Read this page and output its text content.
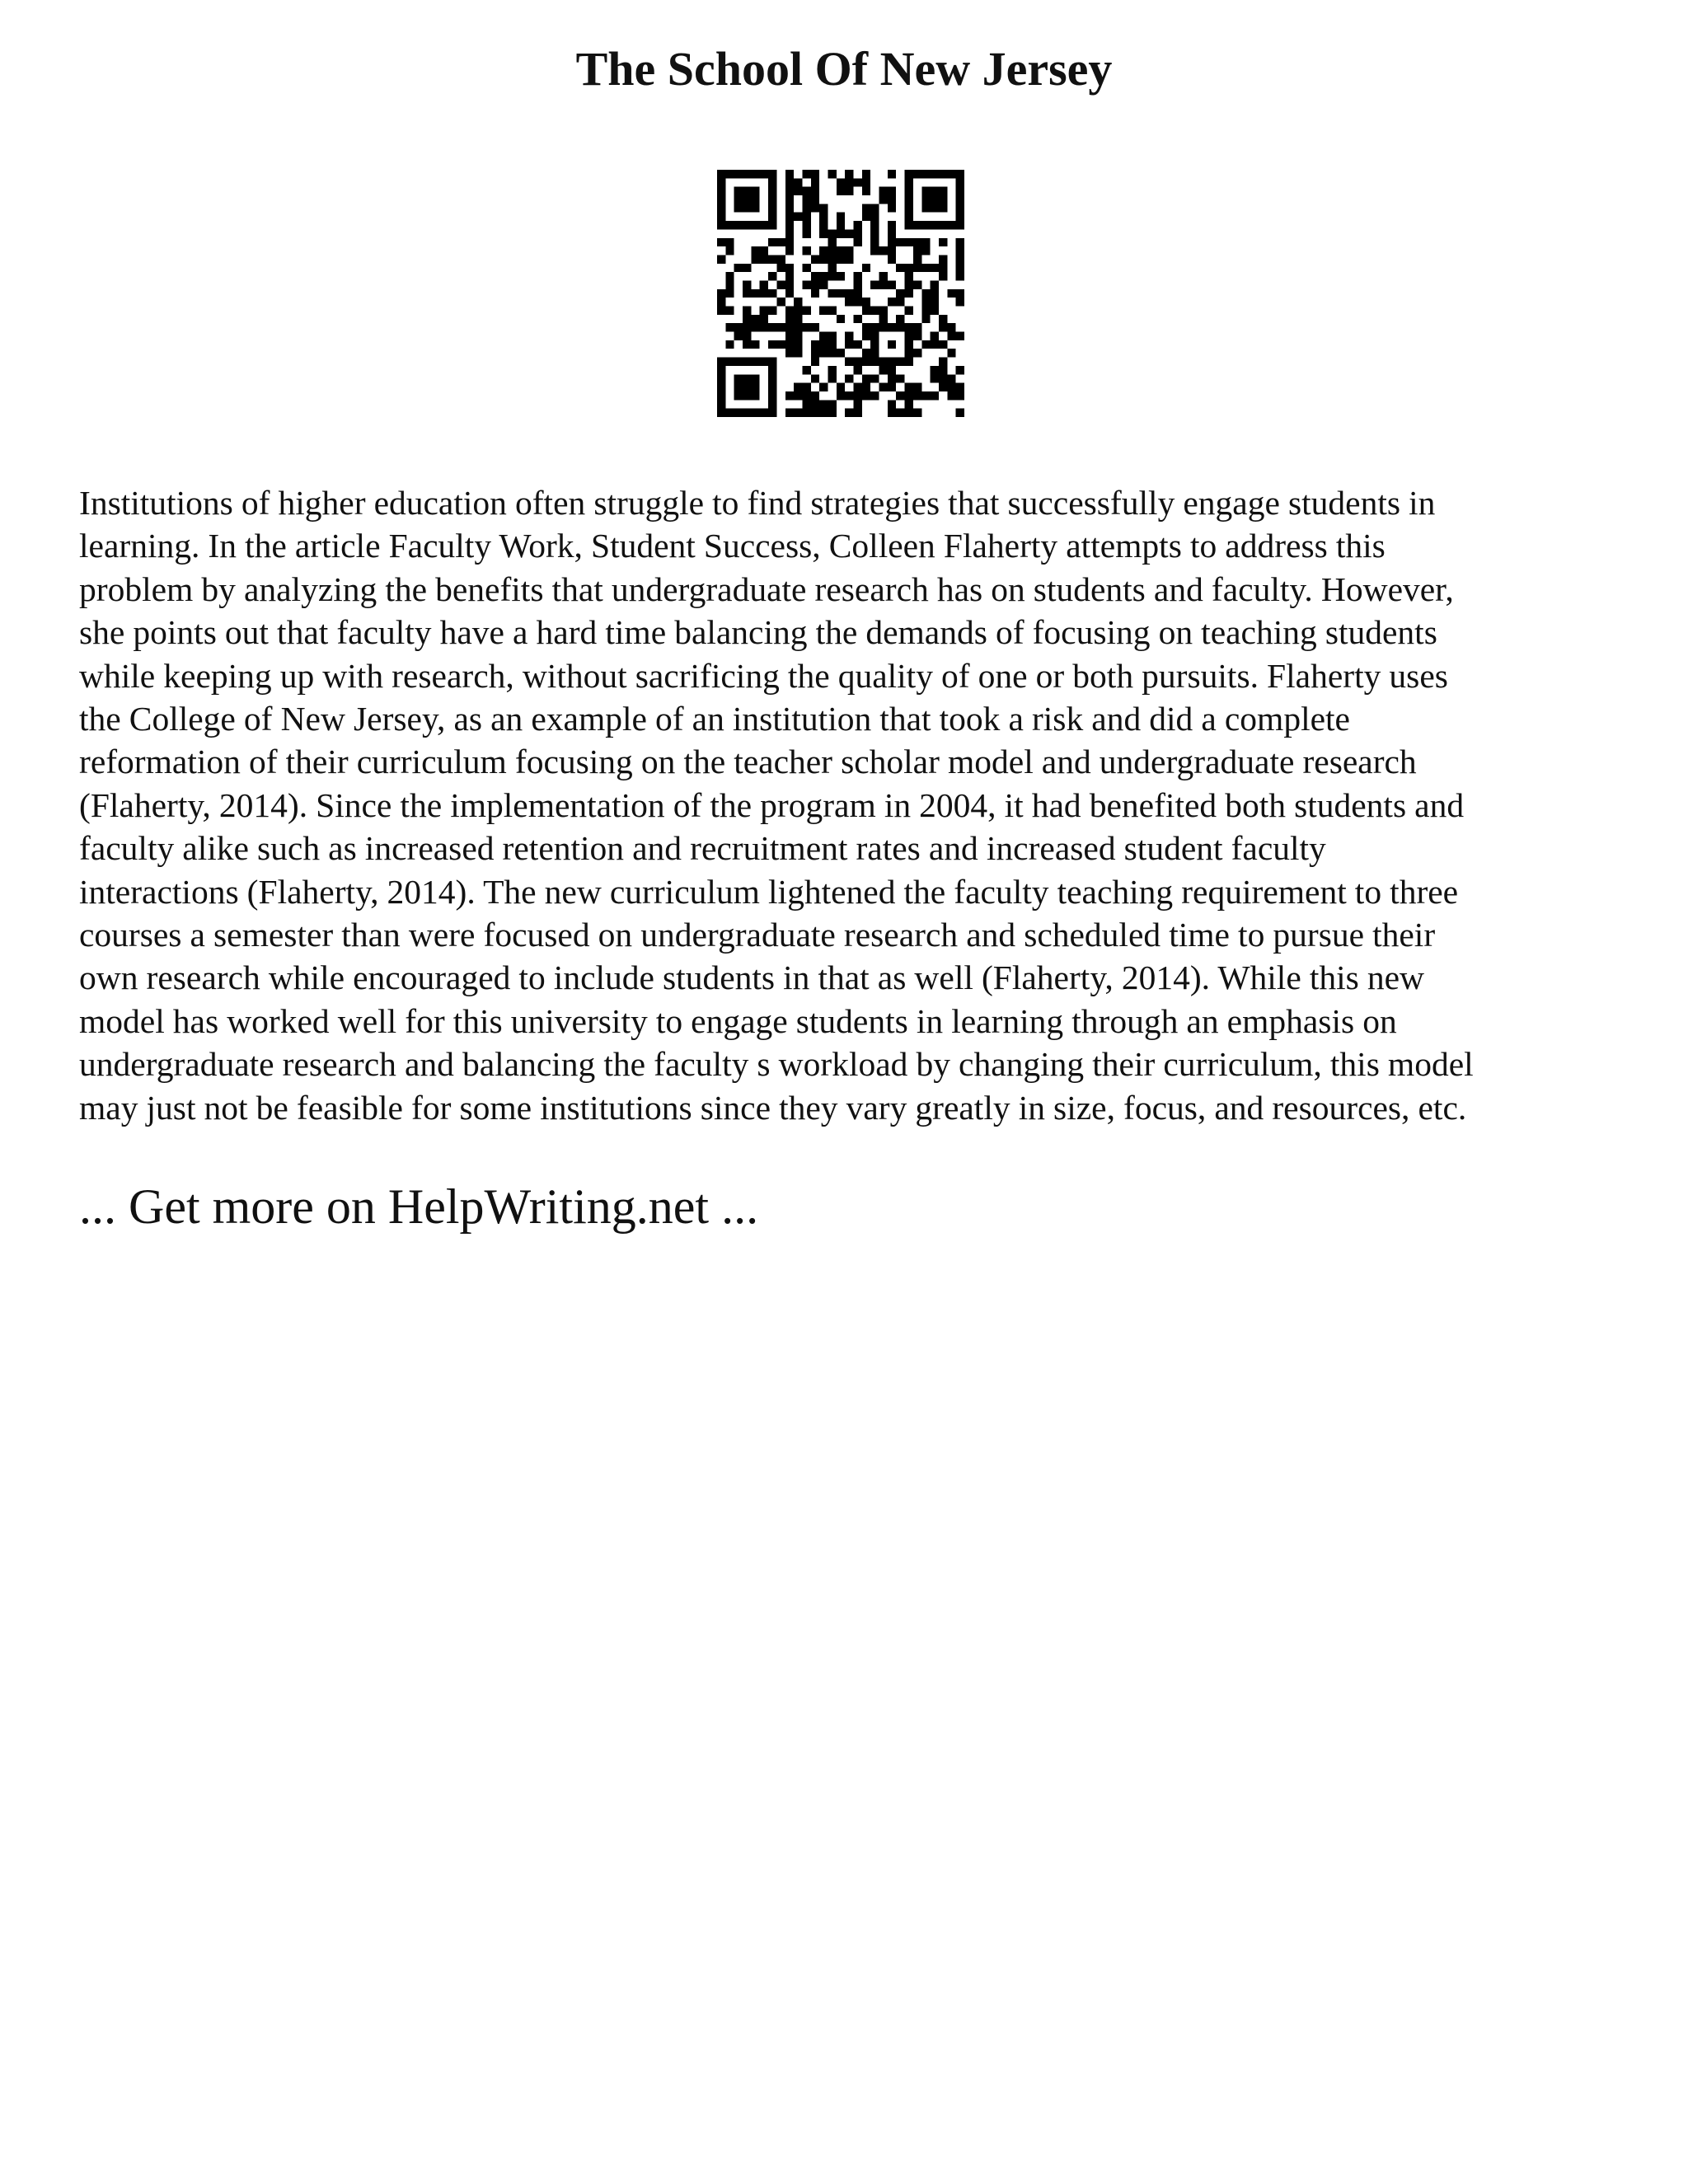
The School Of New Jersey

Institutions of higher education often struggle to find strategies that successfully engage students in
learning. In the article Faculty Work, Student Success, Colleen Flaherty attempts to address this
problem by analyzing the benefits that undergraduate research has on students and faculty. However,
she points out that faculty have a hard time balancing the demands of focusing on teaching students
while keeping up with research, without sacrificing the quality of one or both pursuits. Flaherty uses
the College of New Jersey, as an example of an institution that took a risk and did a complete
reformation of their curriculum focusing on the teacher scholar model and undergraduate research
(Flaherty, 2014). Since the implementation of the program in 2004, it had benefited both students and
faculty alike such as increased retention and recruitment rates and increased student faculty
interactions (Flaherty, 2014). The new curriculum lightened the faculty teaching requirement to three
courses a semester than were focused on undergraduate research and scheduled time to pursue their
own research while encouraged to include students in that as well (Flaherty, 2014). While this new
model has worked well for this university to engage students in learning through an emphasis on
undergraduate research and balancing the faculty s workload by changing their curriculum, this model
may just not be feasible for some institutions since they vary greatly in size, focus, and resources, etc.

... Get more on HelpWriting.net ...
